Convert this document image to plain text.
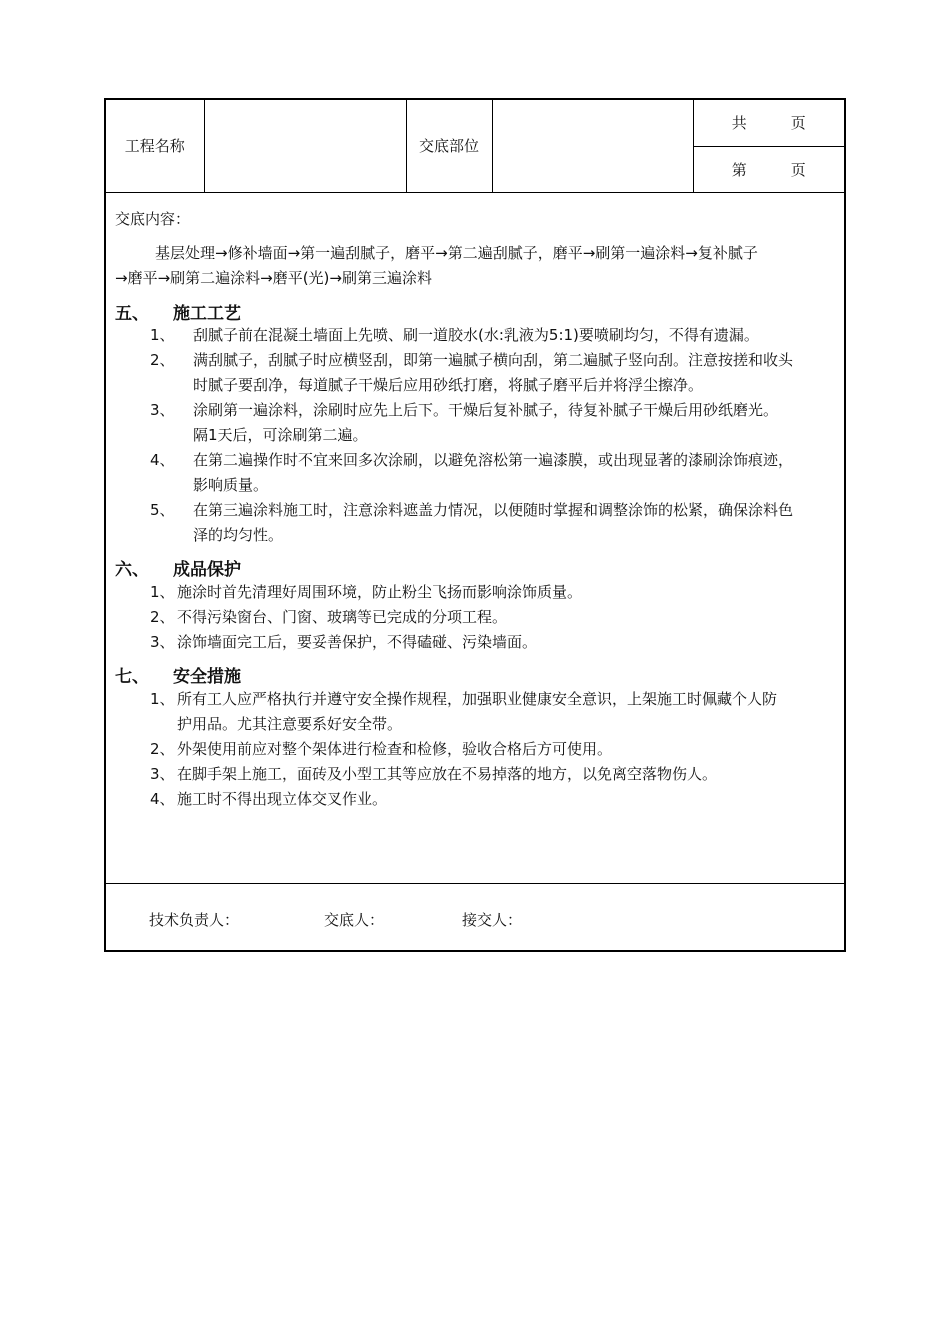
工程名称		交底部位		共	页
第	页
交底内容：
基层处理→修补墙面→第一遍刮腻子，磨平→第二遍刮腻子，磨平→刷第一遍涂料→复补腻子
→磨平→刷第二遍涂料→磨平(光)→刷第三遍涂料
五、 施工工艺
1、 刮腻子前在混凝土墙面上先喷、刷一道胶水(水:乳液为5:1)要喷刷均匀，不得有遗漏。
2、 满刮腻子，刮腻子时应横竖刮，即第一遍腻子横向刮，第二遍腻子竖向刮。注意按搓和收头
时腻子要刮净，每道腻子干燥后应用砂纸打磨，将腻子磨平后并将浮尘擦净。
3、 涂刷第一遍涂料，涂刷时应先上后下。干燥后复补腻子，待复补腻子干燥后用砂纸磨光。
隔1天后，可涂刷第二遍。
4、 在第二遍操作时不宜来回多次涂刷，以避免溶松第一遍漆膜，或出现显著的漆刷涂饰痕迹，
影响质量。
5、 在第三遍涂料施工时，注意涂料遮盖力情况，以便随时掌握和调整涂饰的松紧，确保涂料色
泽的均匀性。
六、 成品保护
1、 施涂时首先清理好周围环境，防止粉尘飞扬而影响涂饰质量。
2、 不得污染窗台、门窗、玻璃等已完成的分项工程。
3、 涂饰墙面完工后，要妥善保护，不得磕碰、污染墙面。
七、 安全措施
1、 所有工人应严格执行并遵守安全操作规程，加强职业健康安全意识，上架施工时佩藏个人防
护用品。尤其注意要系好安全带。
2、 外架使用前应对整个架体进行检查和检修，验收合格后方可使用。
3、 在脚手架上施工，面砖及小型工其等应放在不易掉落的地方，以免离空落物伤人。
4、 施工时不得出现立体交叉作业。
技术负责人：	交底人：	接交人：
